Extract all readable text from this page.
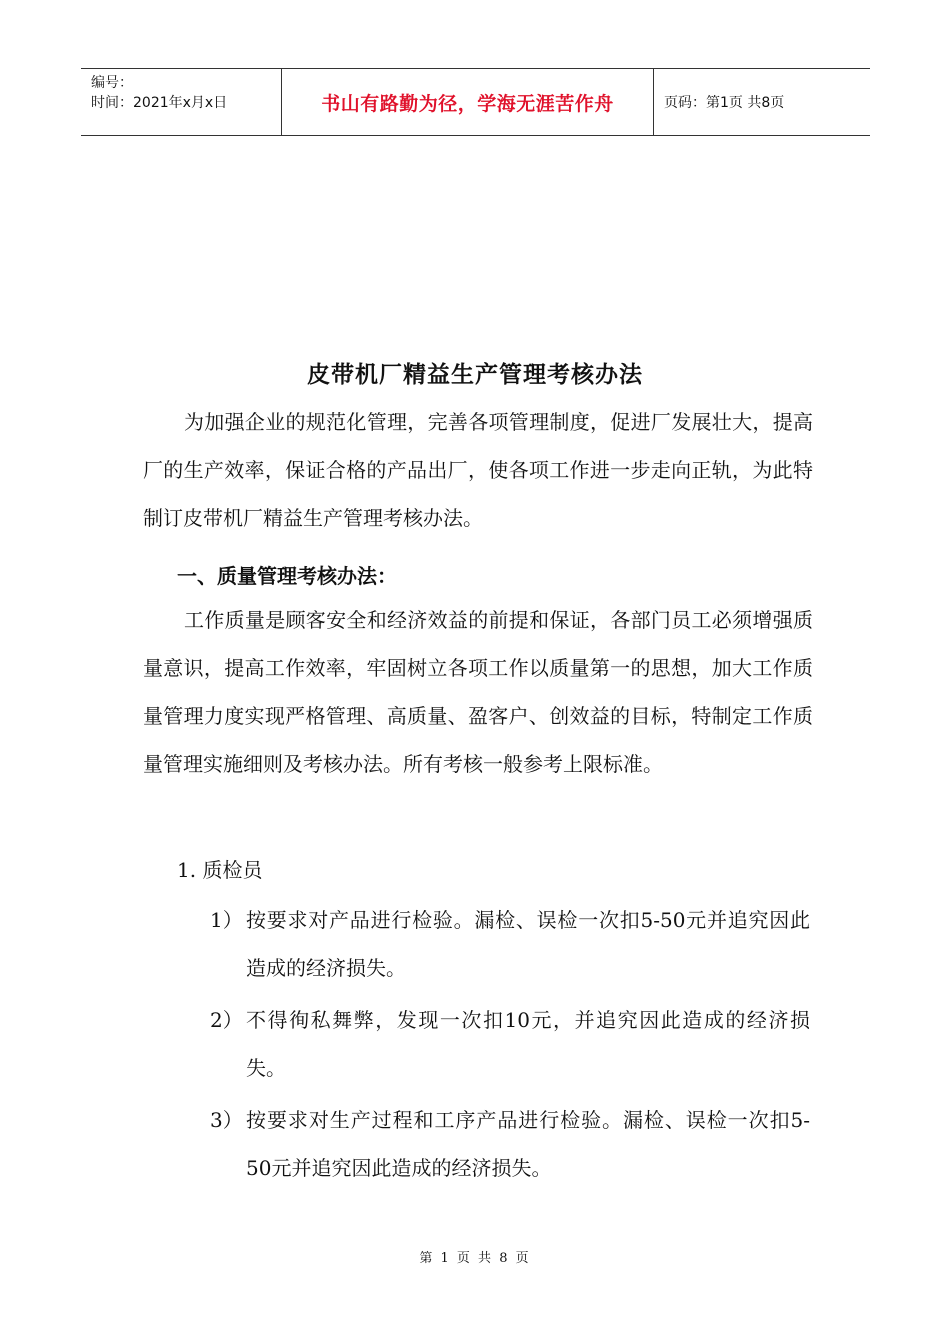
编号：
时间：2021年x月x日	书山有路勤为径，学海无涯苦作舟	页码：第1页 共8页
皮带机厂精益生产管理考核办法

为加强企业的规范化管理，完善各项管理制度，促进厂发展壮大，提高厂的生产效率，保证合格的产品出厂，使各项工作进一步走向正轨，为此特制订皮带机厂精益生产管理考核办法。

一、质量管理考核办法：

工作质量是顾客安全和经济效益的前提和保证，各部门员工必须增强质量意识，提高工作效率，牢固树立各项工作以质量第一的思想，加大工作质量管理力度实现严格管理、高质量、盈客户、创效益的目标，特制定工作质量管理实施细则及考核办法。所有考核一般参考上限标准。

1. 质检员

1） 按要求对产品进行检验。漏检、误检一次扣5-50元并追究因此造成的经济损失。
2） 不得徇私舞弊，发现一次扣10元，并追究因此造成的经济损失。
3） 按要求对生产过程和工序产品进行检验。漏检、误检一次扣5-50元并追究因此造成的经济损失。
第 1 页 共 8 页
